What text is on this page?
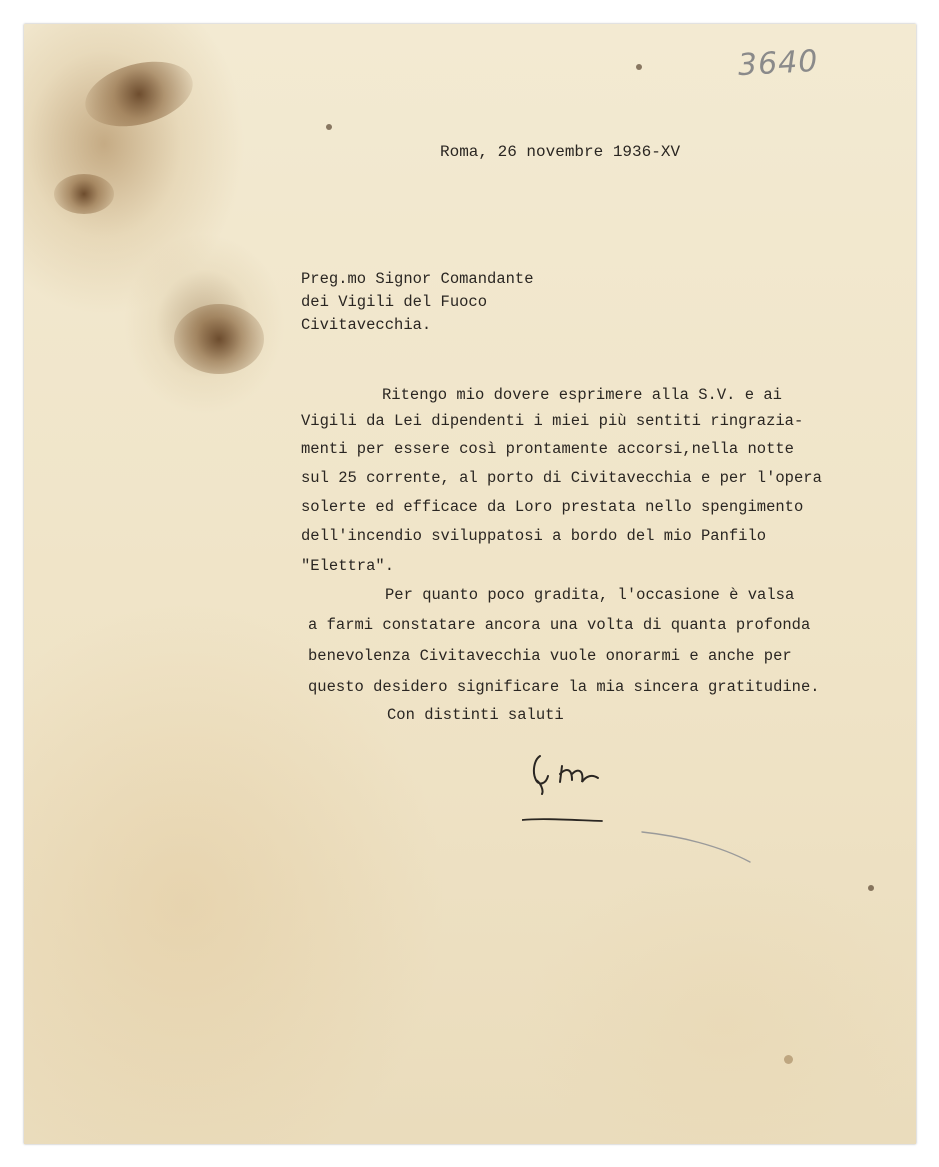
3640
Roma, 26 novembre 1936-XV
Preg.mo Signor Comandante
dei Vigili del Fuoco
Civitavecchia.
Ritengo mio dovere esprimere alla S.V. e ai
Vigili da Lei dipendenti i miei più sentiti ringrazia-
menti per essere così prontamente accorsi,nella notte
sul 25 corrente, al porto di Civitavecchia e per l'opera
solerte ed efficace da Loro prestata nello spengimento
dell'incendio sviluppatosi a bordo del mio Panfilo
"Elettra".
Per quanto poco gradita, l'occasione è valsa
a farmi constatare ancora una volta di quanta profonda
benevolenza Civitavecchia vuole onorarmi e anche per
questo desidero significare la mia sincera gratitudine.
Con distinti saluti
